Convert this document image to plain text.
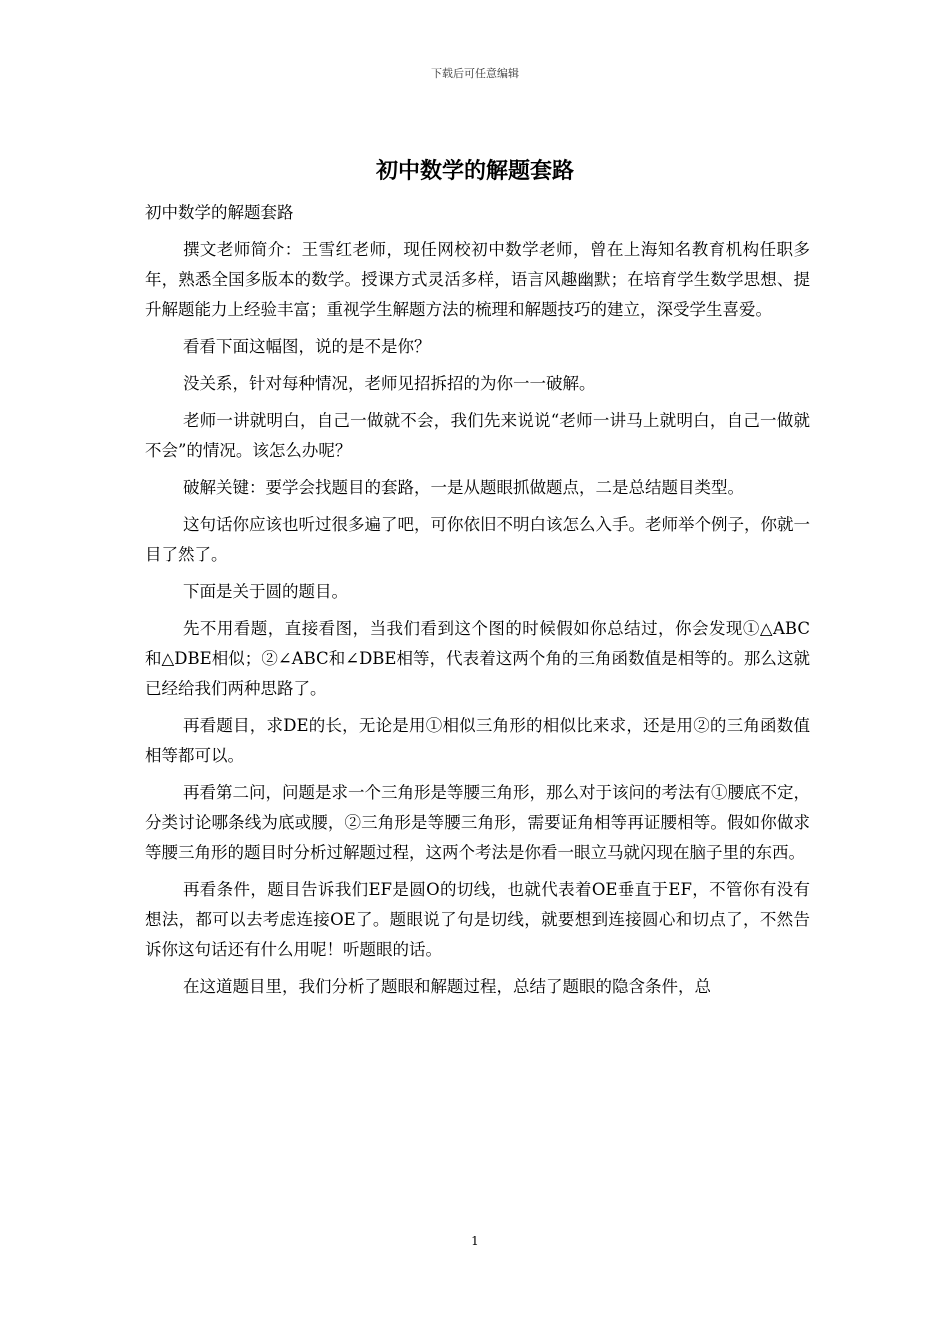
下载后可任意编辑
初中数学的解题套路

初中数学的解题套路

撰文老师简介：王雪红老师，现任网校初中数学老师，曾在上海知名教育机构任职多年，熟悉全国多版本的数学。授课方式灵活多样，语言风趣幽默；在培育学生数学思想、提升解题能力上经验丰富；重视学生解题方法的梳理和解题技巧的建立，深受学生喜爱。

看看下面这幅图，说的是不是你？

没关系，针对每种情况，老师见招拆招的为你一一破解。

老师一讲就明白，自己一做就不会，我们先来说说“老师一讲马上就明白，自己一做就不会”的情况。该怎么办呢？

破解关键：要学会找题目的套路，一是从题眼抓做题点，二是总结题目类型。

这句话你应该也听过很多遍了吧，可你依旧不明白该怎么入手。老师举个例子，你就一目了然了。

下面是关于圆的题目。

先不用看题，直接看图，当我们看到这个图的时候假如你总结过，你会发现①△ABC和△DBE相似；②∠ABC和∠DBE相等，代表着这两个角的三角函数值是相等的。那么这就已经给我们两种思路了。

再看题目，求DE的长，无论是用①相似三角形的相似比来求，还是用②的三角函数值相等都可以。

再看第二问，问题是求一个三角形是等腰三角形，那么对于该问的考法有①腰底不定，分类讨论哪条线为底或腰，②三角形是等腰三角形，需要证角相等再证腰相等。假如你做求等腰三角形的题目时分析过解题过程，这两个考法是你看一眼立马就闪现在脑子里的东西。

再看条件，题目告诉我们EF是圆O的切线，也就代表着OE垂直于EF，不管你有没有想法，都可以去考虑连接OE了。题眼说了句是切线，就要想到连接圆心和切点了，不然告诉你这句话还有什么用呢！听题眼的话。

在这道题目里，我们分析了题眼和解题过程，总结了题眼的隐含条件，总

1
